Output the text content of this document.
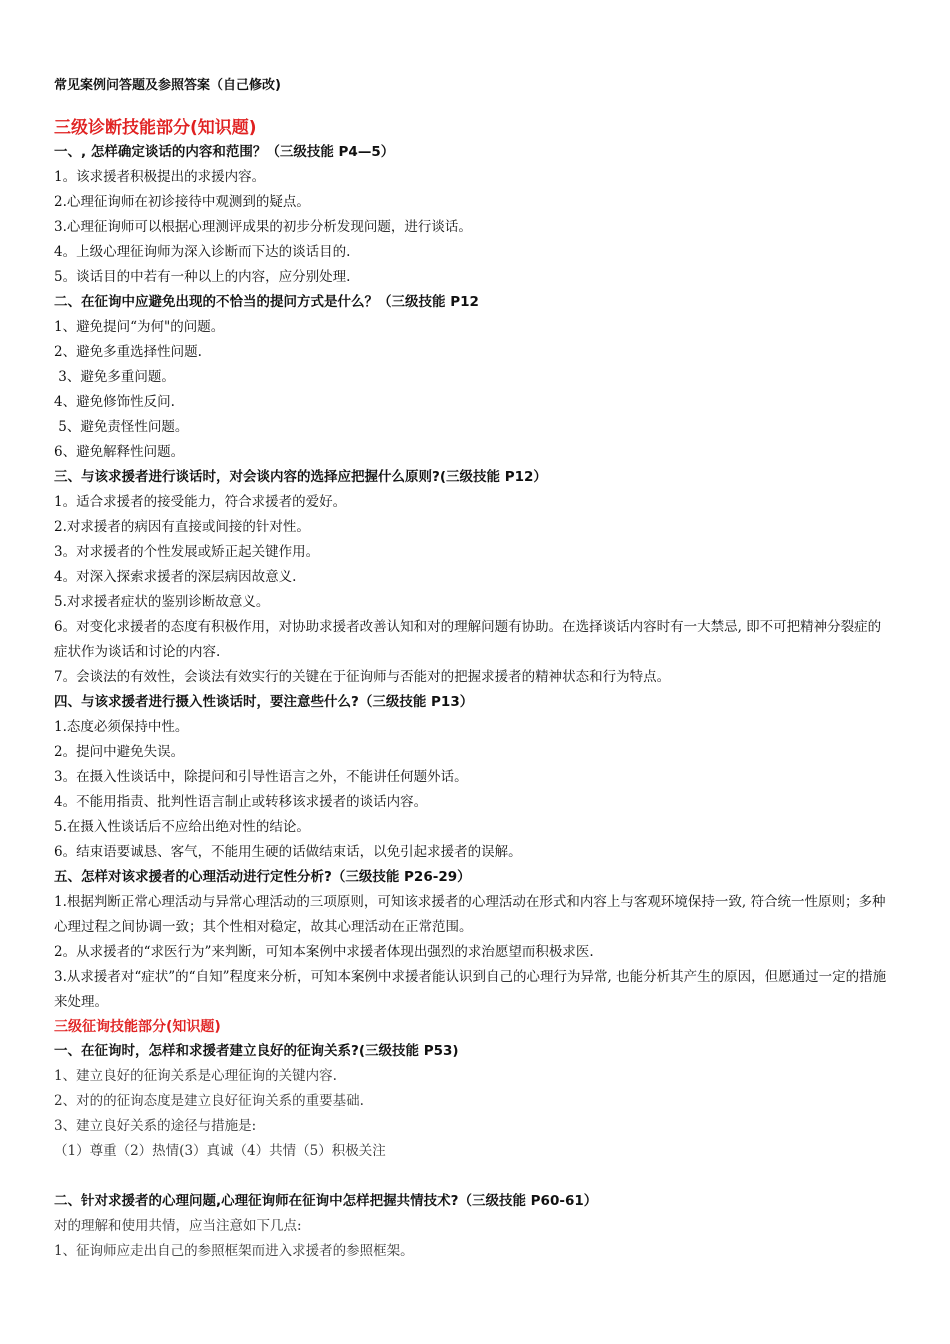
常见案例问答题及参照答案（自己修改)

三级诊断技能部分(知识题)

一、, 怎样确定谈话的内容和范围？（三级技能 P4—5）

1。该求援者积极提出的求援内容。

2.心理征询师在初诊接待中观测到的疑点。

3.心理征询师可以根据心理测评成果的初步分析发现问题，进行谈话。

4。上级心理征询师为深入诊断而下达的谈话目的.

5。谈话目的中若有一种以上的内容，应分别处理.

二、在征询中应避免出现的不恰当的提问方式是什么？（三级技能 P12

1、避免提问“为何"的问题。

2、避免多重选择性问题.

3、避免多重问题。

4、避免修饰性反问.

5、避免责怪性问题。

6、避免解释性问题。

三、与该求援者进行谈话时，对会谈内容的选择应把握什么原则?(三级技能 P12）

1。适合求援者的接受能力，符合求援者的爱好。

2.对求援者的病因有直接或间接的针对性。

3。对求援者的个性发展或矫正起关键作用。

4。对深入探索求援者的深层病因故意义.

5.对求援者症状的鉴别诊断故意义。

6。对变化求援者的态度有积极作用，对协助求援者改善认知和对的理解问题有协助。在选择谈话内容时有一大禁忌, 即不可把精神分裂症的症状作为谈话和讨论的内容.

7。会谈法的有效性，会谈法有效实行的关键在于征询师与否能对的把握求援者的精神状态和行为特点。

四、与该求援者进行摄入性谈话时，要注意些什么?（三级技能 P13）

1.态度必须保持中性。

2。提问中避免失误。

3。在摄入性谈话中，除提问和引导性语言之外，不能讲任何题外话。

4。不能用指责、批判性语言制止或转移该求援者的谈话内容。

5.在摄入性谈话后不应给出绝对性的结论。

6。结束语要诚恳、客气，不能用生硬的话做结束话，以免引起求援者的误解。

五、怎样对该求援者的心理活动进行定性分析?（三级技能 P26-29）

1.根据判断正常心理活动与异常心理活动的三项原则，可知该求援者的心理活动在形式和内容上与客观环境保持一致, 符合统一性原则；多种心理过程之间协调一致；其个性相对稳定，故其心理活动在正常范围。

2。从求援者的“求医行为”来判断，可知本案例中求援者体现出强烈的求治愿望而积极求医.

3.从求援者对“症状”的“自知”程度来分析，可知本案例中求援者能认识到自己的心理行为异常, 也能分析其产生的原因，但愿通过一定的措施来处理。

三级征询技能部分(知识题)

一、在征询时，怎样和求援者建立良好的征询关系?(三级技能 P53)

1、建立良好的征询关系是心理征询的关键内容.

2、对的的征询态度是建立良好征询关系的重要基础.

3、建立良好关系的途径与措施是:

（1）尊重（2）热情(3）真诚（4）共情（5）积极关注

二、针对求援者的心理问题,心理征询师在征询中怎样把握共情技术?（三级技能 P60-61）

对的理解和使用共情，应当注意如下几点:

1、征询师应走出自己的参照框架而进入求援者的参照框架。
